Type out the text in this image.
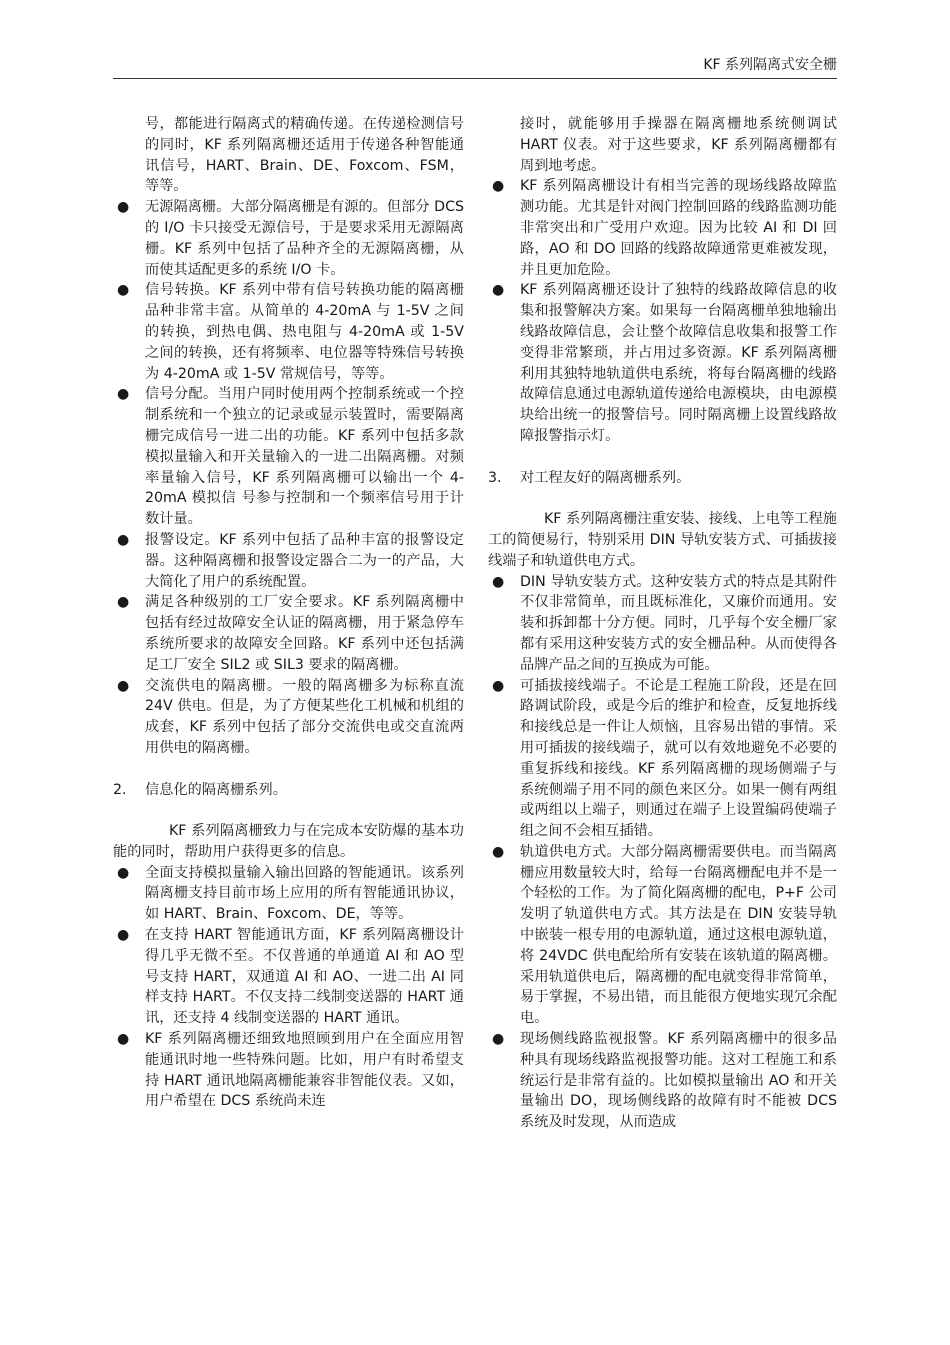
KF 系列隔离式安全栅
号，都能进行隔离式的精确传递。在传递检测信号的同时，KF 系列隔离栅还适用于传递各种智能通讯信号，HART、Brain、DE、Foxcom、FSM，等等。
● 无源隔离栅。大部分隔离栅是有源的。但部分 DCS 的 I/O 卡只接受无源信号，于是要求采用无源隔离栅。KF 系列中包括了品种齐全的无源隔离栅，从而使其适配更多的系统 I/O 卡。
● 信号转换。KF 系列中带有信号转换功能的隔离栅品种非常丰富。从简单的 4-20mA 与 1-5V 之间的转换，到热电偶、热电阻与 4-20mA 或 1-5V 之间的转换，还有将频率、电位器等特殊信号转换为 4-20mA 或 1-5V 常规信号，等等。
● 信号分配。当用户同时使用两个控制系统或一个控制系统和一个独立的记录或显示装置时，需要隔离栅完成信号一进二出的功能。KF 系列中包括多款模拟量输入和开关量输入的一进二出隔离栅。对频率量输入信号，KF 系列隔离栅可以输出一个 4-20mA 模拟信 号参与控制和一个频率信号用于计数计量。
● 报警设定。KF 系列中包括了品种丰富的报警设定器。这种隔离栅和报警设定器合二为一的产品，大大简化了用户的系统配置。
● 满足各种级别的工厂安全要求。KF 系列隔离栅中包括有经过故障安全认证的隔离栅，用于紧急停车系统所要求的故障安全回路。KF 系列中还包括满足工厂安全 SIL2 或 SIL3 要求的隔离栅。
● 交流供电的隔离栅。一般的隔离栅多为标称直流 24V 供电。但是，为了方便某些化工机械和机组的成套，KF 系列中包括了部分交流供电或交直流两用供电的隔离栅。
2. 信息化的隔离栅系列。
KF 系列隔离栅致力与在完成本安防爆的基本功能的同时，帮助用户获得更多的信息。
● 全面支持模拟量输入输出回路的智能通讯。该系列隔离栅支持目前市场上应用的所有智能通讯协议，如 HART、Brain、Foxcom、DE，等等。
● 在支持 HART 智能通讯方面，KF 系列隔离栅设计得几乎无微不至。不仅普通的单通道 AI 和 AO 型号支持 HART，双通道 AI 和 AO、一进二出 AI 同样支持 HART。不仅支持二线制变送器的 HART 通讯，还支持 4 线制变送器的 HART 通讯。
● KF 系列隔离栅还细致地照顾到用户在全面应用智能通讯时地一些特殊问题。比如，用户有时希望支持 HART 通讯地隔离栅能兼容非智能仪表。又如，用户希望在 DCS 系统尚未连
接时，就能够用手操器在隔离栅地系统侧调试 HART 仪表。对于这些要求，KF 系列隔离栅都有周到地考虑。
● KF 系列隔离栅设计有相当完善的现场线路故障监测功能。尤其是针对阀门控制回路的线路监测功能非常突出和广受用户欢迎。因为比较 AI 和 DI 回路，AO 和 DO 回路的线路故障通常更难被发现，并且更加危险。
● KF 系列隔离栅还设计了独特的线路故障信息的收集和报警解决方案。如果每一台隔离栅单独地输出线路故障信息，会让整个故障信息收集和报警工作变得非常繁琐，并占用过多资源。KF 系列隔离栅利用其独特地轨道供电系统，将每台隔离栅的线路故障信息通过电源轨道传递给电源模块，由电源模块给出统一的报警信号。同时隔离栅上设置线路故障报警指示灯。
3. 对工程友好的隔离栅系列。
KF 系列隔离栅注重安装、接线、上电等工程施工的简便易行，特别采用 DIN 导轨安装方式、可插拔接线端子和轨道供电方式。
● DIN 导轨安装方式。这种安装方式的特点是其附件不仅非常简单，而且既标准化，又廉价而通用。安装和拆卸都十分方便。同时，几乎每个安全栅厂家都有采用这种安装方式的安全栅品种。从而使得各品牌产品之间的互换成为可能。
● 可插拔接线端子。不论是工程施工阶段，还是在回路调试阶段，或是今后的维护和检查，反复地拆线和接线总是一件让人烦恼，且容易出错的事情。采用可插拔的接线端子，就可以有效地避免不必要的重复拆线和接线。KF 系列隔离栅的现场侧端子与系统侧端子用不同的颜色来区分。如果一侧有两组或两组以上端子，则通过在端子上设置编码使端子组之间不会相互插错。
● 轨道供电方式。大部分隔离栅需要供电。而当隔离栅应用数量较大时，给每一台隔离栅配电并不是一个轻松的工作。为了简化隔离栅的配电，P+F 公司发明了轨道供电方式。其方法是在 DIN 安装导轨中嵌装一根专用的电源轨道，通过这根电源轨道，将 24VDC 供电配给所有安装在该轨道的隔离栅。采用轨道供电后，隔离栅的配电就变得非常简单，易于掌握，不易出错，而且能很方便地实现冗余配电。
● 现场侧线路监视报警。KF 系列隔离栅中的很多品种具有现场线路监视报警功能。这对工程施工和系统运行是非常有益的。比如模拟量输出 AO 和开关量输出 DO，现场侧线路的故障有时不能被 DCS 系统及时发现，从而造成
